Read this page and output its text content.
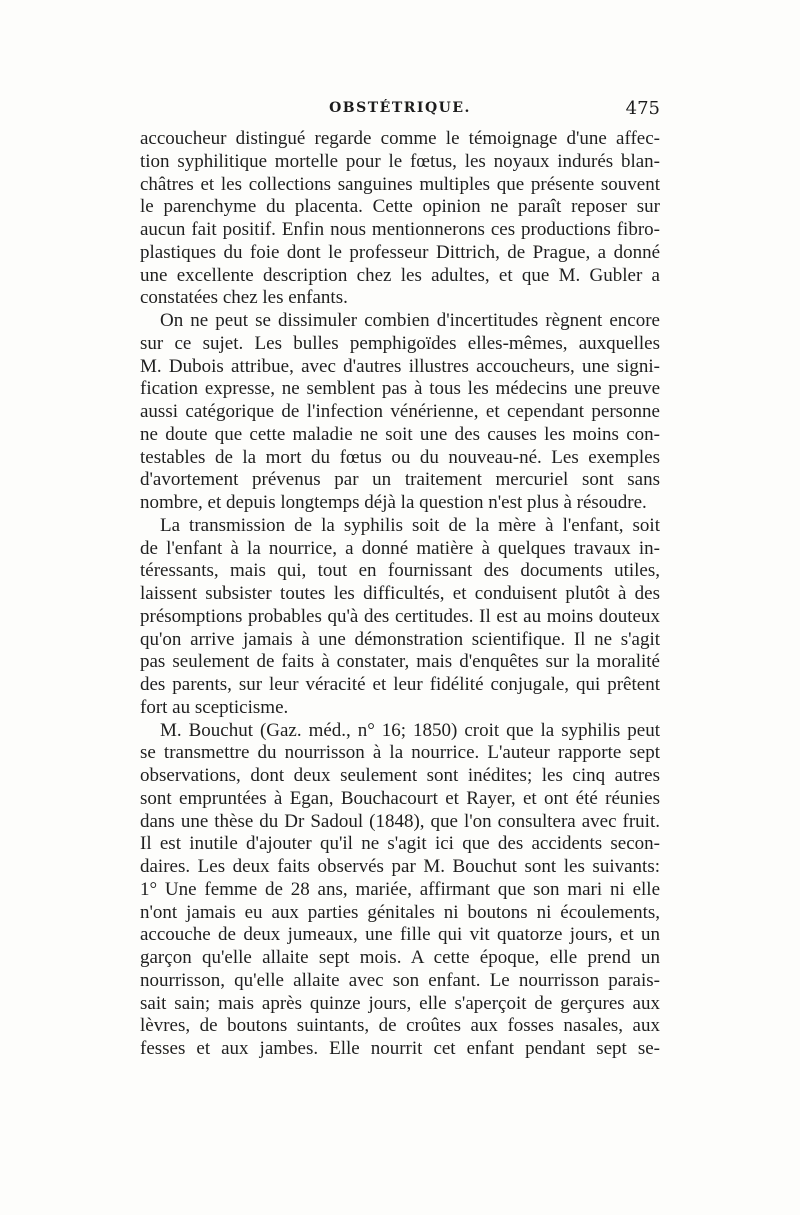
OBSTÉTRIQUE.	475
accoucheur distingué regarde comme le témoignage d'une affec-
tion syphilitique mortelle pour le fœtus, les noyaux indurés blan-
châtres et les collections sanguines multiples que présente souvent
le parenchyme du placenta. Cette opinion ne paraît reposer sur
aucun fait positif. Enfin nous mentionnerons ces productions fibro-
plastiques du foie dont le professeur Dittrich, de Prague, a donné
une excellente description chez les adultes, et que M. Gubler a
constatées chez les enfants.
On ne peut se dissimuler combien d'incertitudes règnent encore
sur ce sujet. Les bulles pemphigoïdes elles-mêmes, auxquelles
M. Dubois attribue, avec d'autres illustres accoucheurs, une signi-
fication expresse, ne semblent pas à tous les médecins une preuve
aussi catégorique de l'infection vénérienne, et cependant personne
ne doute que cette maladie ne soit une des causes les moins con-
testables de la mort du fœtus ou du nouveau-né. Les exemples
d'avortement prévenus par un traitement mercuriel sont sans
nombre, et depuis longtemps déjà la question n'est plus à résoudre.
La transmission de la syphilis soit de la mère à l'enfant, soit
de l'enfant à la nourrice, a donné matière à quelques travaux in-
téressants, mais qui, tout en fournissant des documents utiles,
laissent subsister toutes les difficultés, et conduisent plutôt à des
présomptions probables qu'à des certitudes. Il est au moins douteux
qu'on arrive jamais à une démonstration scientifique. Il ne s'agit
pas seulement de faits à constater, mais d'enquêtes sur la moralité
des parents, sur leur véracité et leur fidélité conjugale, qui prêtent
fort au scepticisme.
M. Bouchut (Gaz. méd., n° 16; 1850) croit que la syphilis peut
se transmettre du nourrisson à la nourrice. L'auteur rapporte sept
observations, dont deux seulement sont inédites; les cinq autres
sont empruntées à Egan, Bouchacourt et Rayer, et ont été réunies
dans une thèse du Dr Sadoul (1848), que l'on consultera avec fruit.
Il est inutile d'ajouter qu'il ne s'agit ici que des accidents secon-
daires. Les deux faits observés par M. Bouchut sont les suivants:
1° Une femme de 28 ans, mariée, affirmant que son mari ni elle
n'ont jamais eu aux parties génitales ni boutons ni écoulements,
accouche de deux jumeaux, une fille qui vit quatorze jours, et un
garçon qu'elle allaite sept mois. A cette époque, elle prend un
nourrisson, qu'elle allaite avec son enfant. Le nourrisson parais-
sait sain; mais après quinze jours, elle s'aperçoit de gerçures aux
lèvres, de boutons suintants, de croûtes aux fosses nasales, aux
fesses et aux jambes. Elle nourrit cet enfant pendant sept se-
